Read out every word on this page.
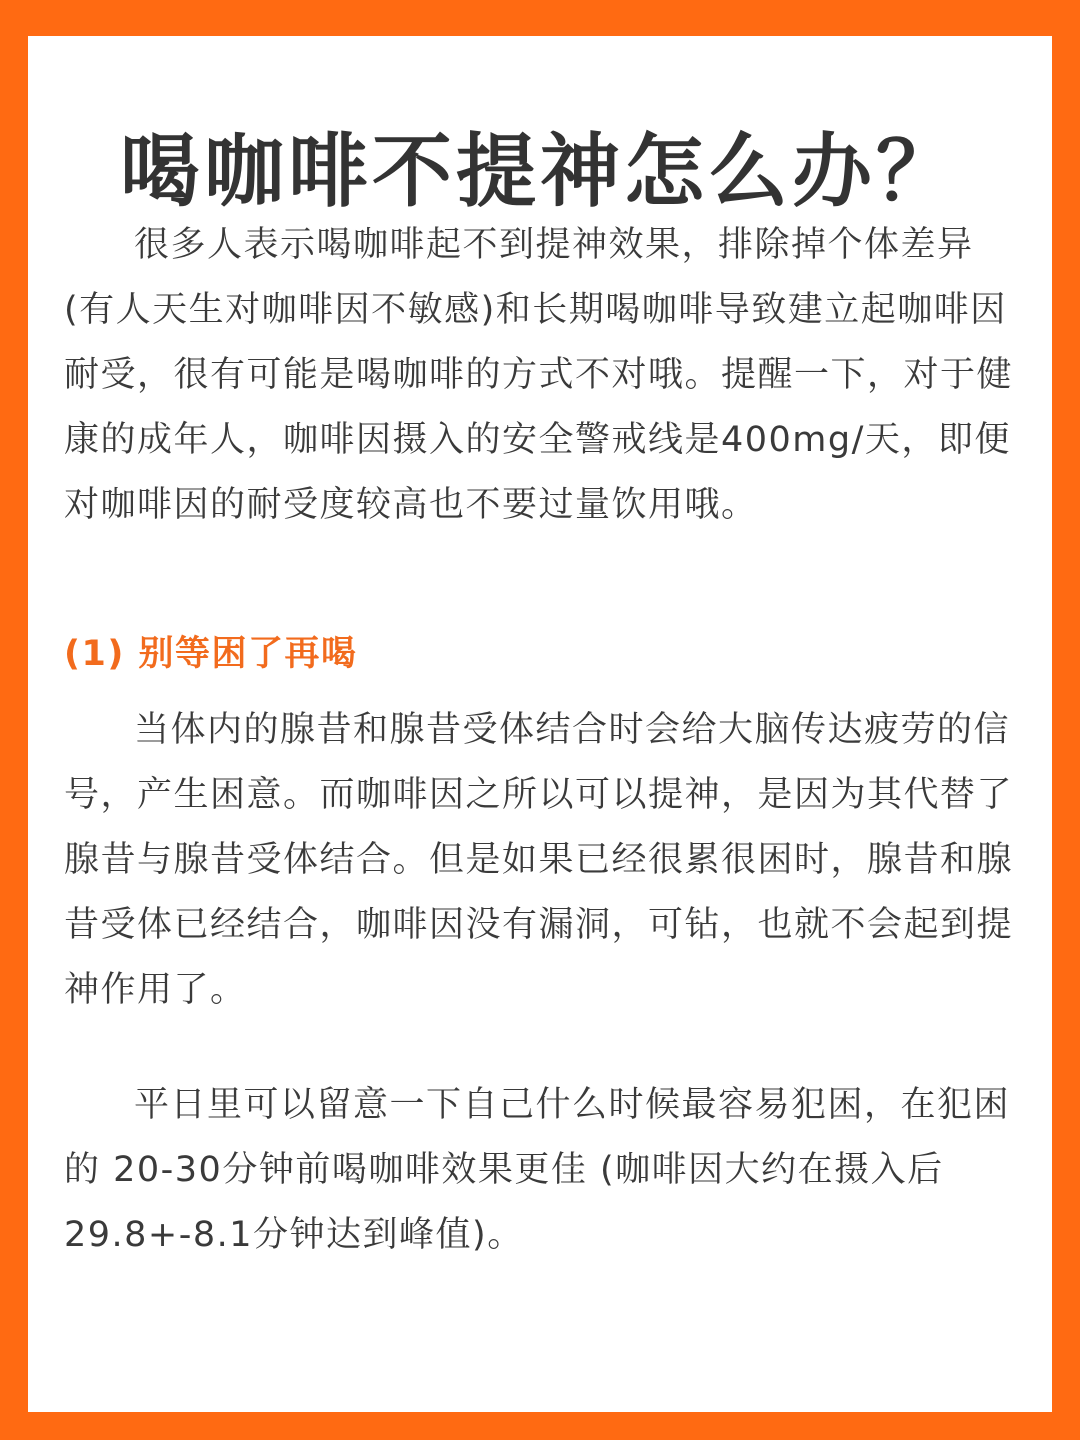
喝咖啡不提神怎么办？

很多人表示喝咖啡起不到提神效果，排除掉个体差异(有人天生对咖啡因不敏感)和长期喝咖啡导致建立起咖啡因耐受，很有可能是喝咖啡的方式不对哦。提醒一下，对于健康的成年人，咖啡因摄入的安全警戒线是400mg/天，即便对咖啡因的耐受度较高也不要过量饮用哦。

(1) 别等困了再喝

当体内的腺昔和腺昔受体结合时会给大脑传达疲劳的信号，产生困意。而咖啡因之所以可以提神，是因为其代替了腺昔与腺昔受体结合。但是如果已经很累很困时，腺昔和腺昔受体已经结合，咖啡因没有漏洞，可钻，也就不会起到提神作用了。

平日里可以留意一下自己什么时候最容易犯困，在犯困的 20-30分钟前喝咖啡效果更佳 (咖啡因大约在摄入后 29.8+-8.1分钟达到峰值)。
